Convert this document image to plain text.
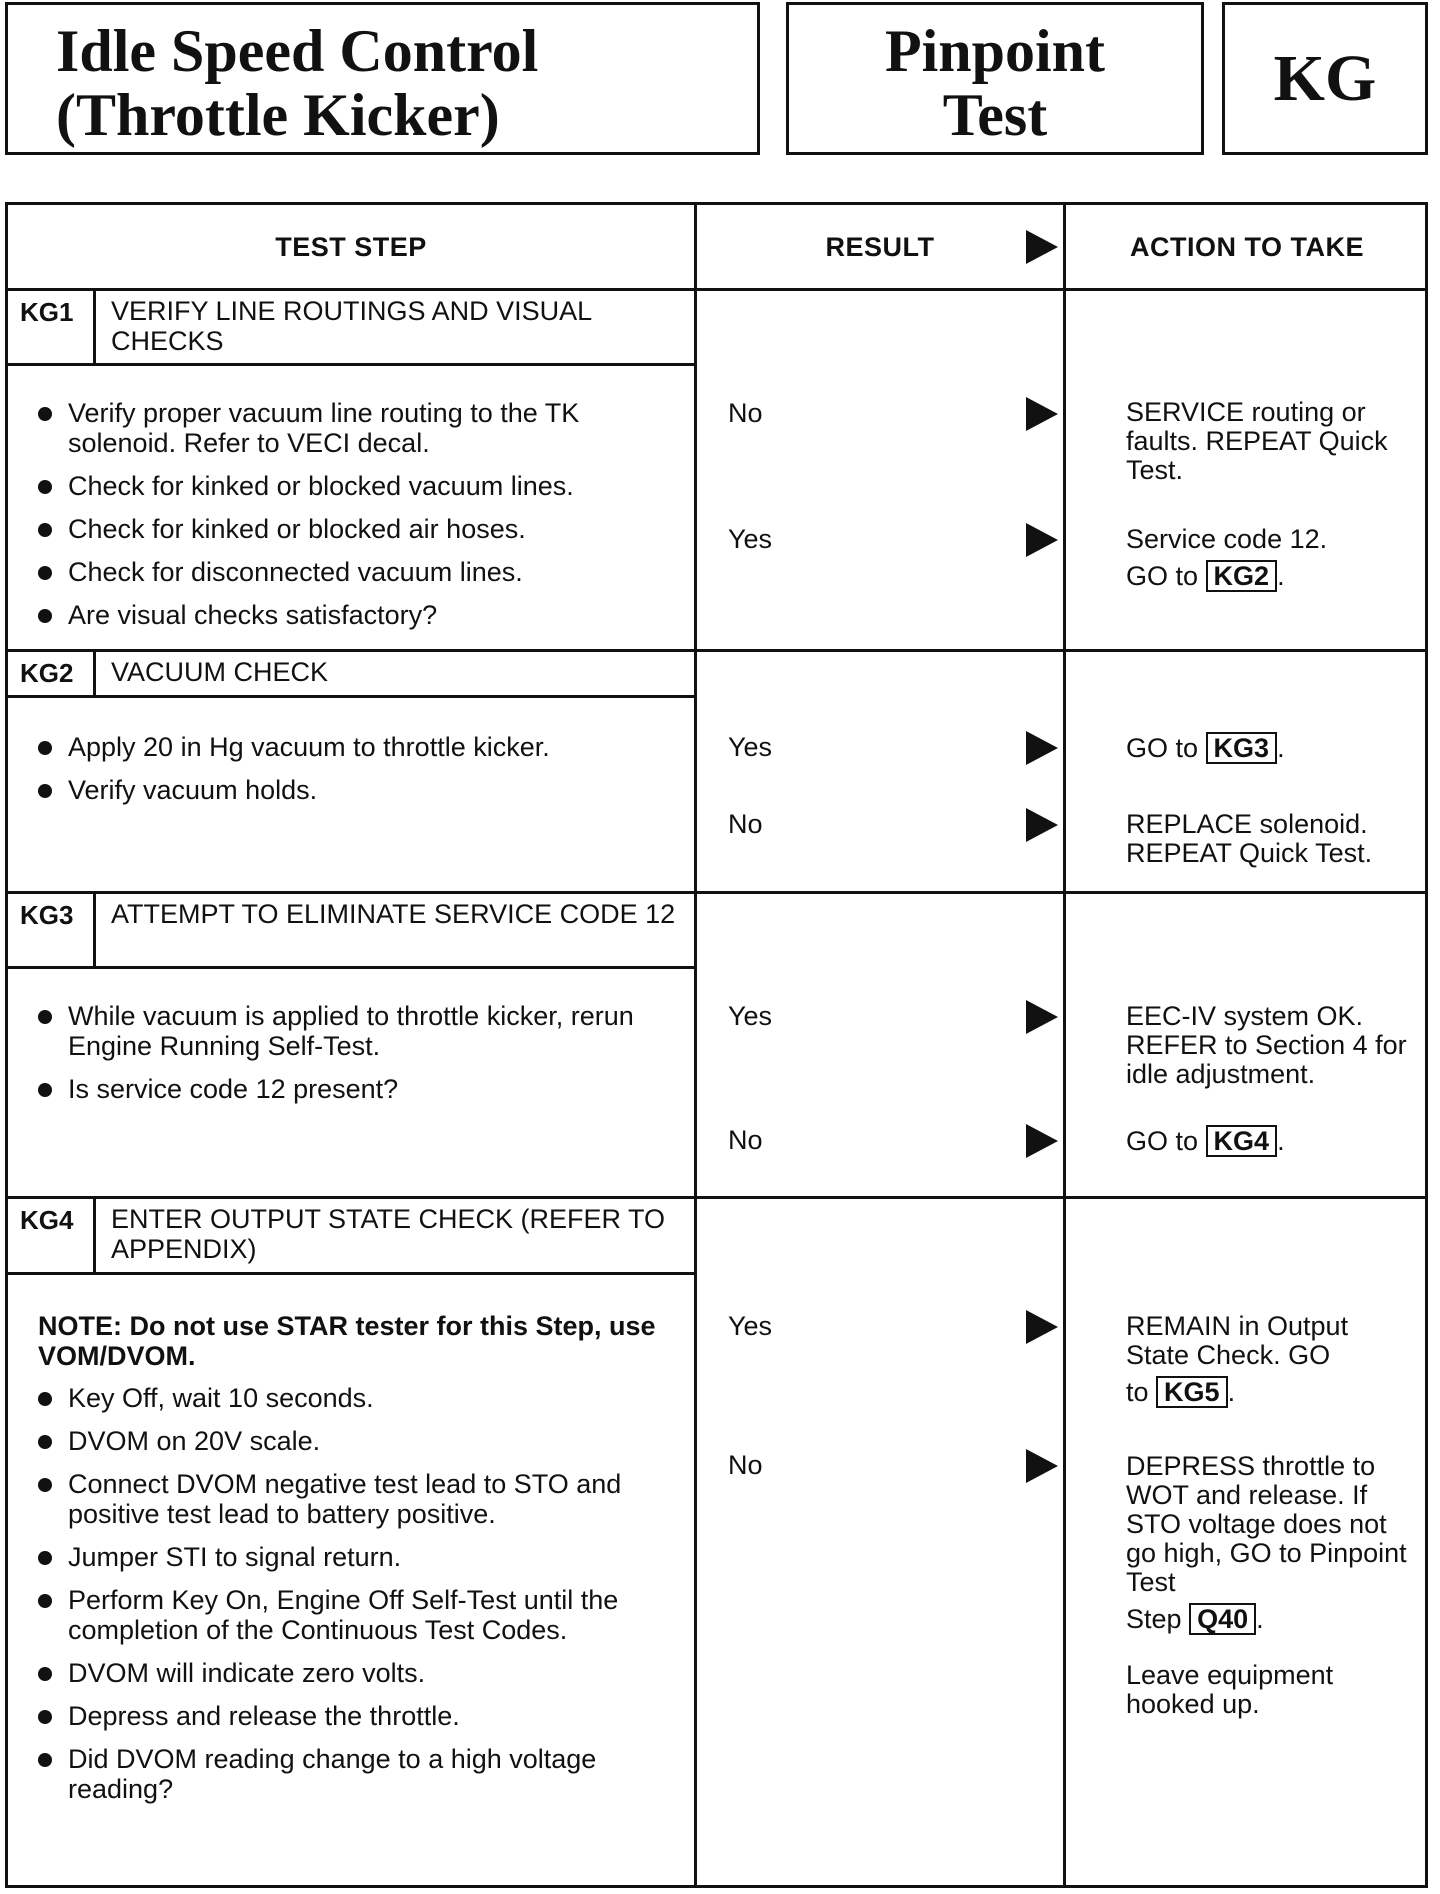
Idle Speed Control
(Throttle Kicker)
Pinpoint
Test	KG
TEST STEP	RESULT	ACTION TO TAKE
KG1 VERIFY LINE ROUTINGS AND VISUAL CHECKS
Verify proper vacuum line routing to the TK solenoid. Refer to VECI decal.
Check for kinked or blocked vacuum lines.
Check for kinked or blocked air hoses.
Check for disconnected vacuum lines.
Are visual checks satisfactory?
No	SERVICE routing or faults. REPEAT Quick Test.
Yes	Service code 12.
GO to KG2 .
KG2 VACUUM CHECK
Apply 20 in Hg vacuum to throttle kicker.
Verify vacuum holds.
Yes	GO to KG3 .
No	REPLACE solenoid. REPEAT Quick Test.
KG3 ATTEMPT TO ELIMINATE SERVICE CODE 12
While vacuum is applied to throttle kicker, rerun Engine Running Self-Test.
Is service code 12 present?
Yes	EEC-IV system OK. REFER to Section 4 for idle adjustment.
No	GO to KG4 .
KG4 ENTER OUTPUT STATE CHECK (REFER TO APPENDIX)
NOTE: Do not use STAR tester for this Step, use VOM/DVOM.
Key Off, wait 10 seconds.
DVOM on 20V scale.
Connect DVOM negative test lead to STO and positive test lead to battery positive.
Jumper STI to signal return.
Perform Key On, Engine Off Self-Test until the completion of the Continuous Test Codes.
DVOM will indicate zero volts.
Depress and release the throttle.
Did DVOM reading change to a high voltage reading?
Yes	REMAIN in Output State Check. GO
to KG5 .
No	DEPRESS throttle to WOT and release. If STO voltage does not go high, GO to Pinpoint Test
Step Q40 .
Leave equipment hooked up.
